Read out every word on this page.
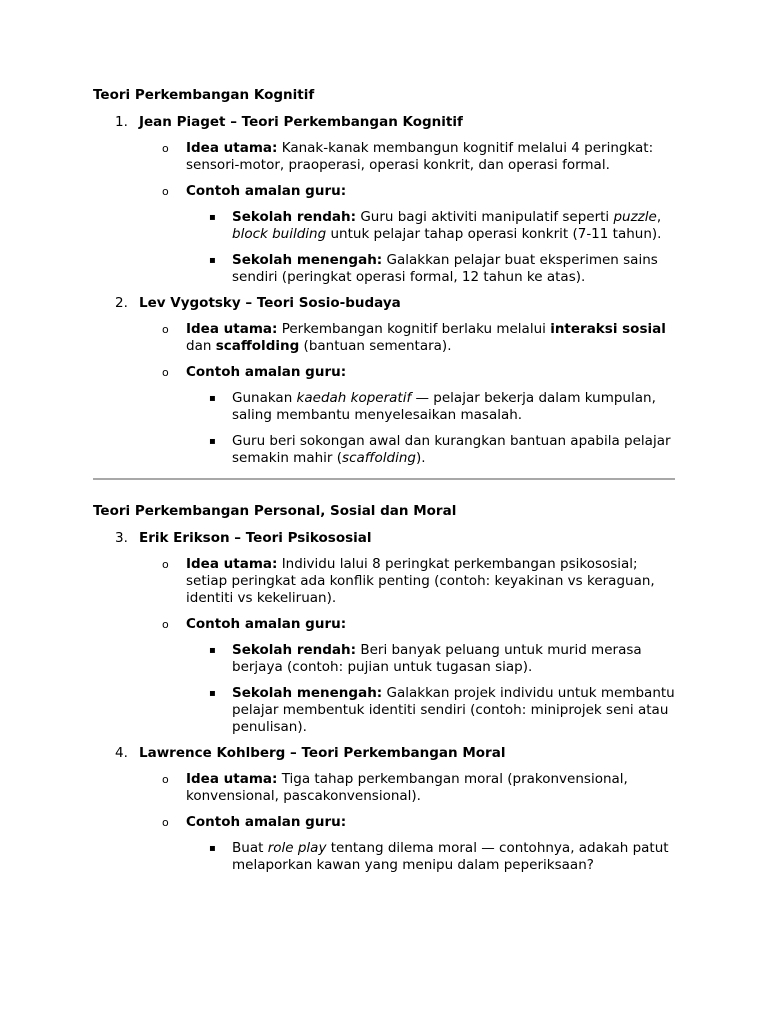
Teori Perkembangan Kognitif

1. Jean Piaget – Teori Perkembangan Kognitif
o Idea utama: Kanak-kanak membangun kognitif melalui 4 peringkat: sensori-motor, praoperasi, operasi konkrit, dan operasi formal.
o Contoh amalan guru:
▪ Sekolah rendah: Guru bagi aktiviti manipulatif seperti puzzle, block building untuk pelajar tahap operasi konkrit (7-11 tahun).
▪ Sekolah menengah: Galakkan pelajar buat eksperimen sains sendiri (peringkat operasi formal, 12 tahun ke atas).
2. Lev Vygotsky – Teori Sosio-budaya
o Idea utama: Perkembangan kognitif berlaku melalui interaksi sosial dan scaffolding (bantuan sementara).
o Contoh amalan guru:
▪ Gunakan kaedah koperatif — pelajar bekerja dalam kumpulan, saling membantu menyelesaikan masalah.
▪ Guru beri sokongan awal dan kurangkan bantuan apabila pelajar semakin mahir (scaffolding).

Teori Perkembangan Personal, Sosial dan Moral

3. Erik Erikson – Teori Psikososial
o Idea utama: Individu lalui 8 peringkat perkembangan psikososial; setiap peringkat ada konflik penting (contoh: keyakinan vs keraguan, identiti vs kekeliruan).
o Contoh amalan guru:
▪ Sekolah rendah: Beri banyak peluang untuk murid merasa berjaya (contoh: pujian untuk tugasan siap).
▪ Sekolah menengah: Galakkan projek individu untuk membantu pelajar membentuk identiti sendiri (contoh: miniprojek seni atau penulisan).
4. Lawrence Kohlberg – Teori Perkembangan Moral
o Idea utama: Tiga tahap perkembangan moral (prakonvensional, konvensional, pascakonvensional).
o Contoh amalan guru:
▪ Buat role play tentang dilema moral — contohnya, adakah patut melaporkan kawan yang menipu dalam peperiksaan?
